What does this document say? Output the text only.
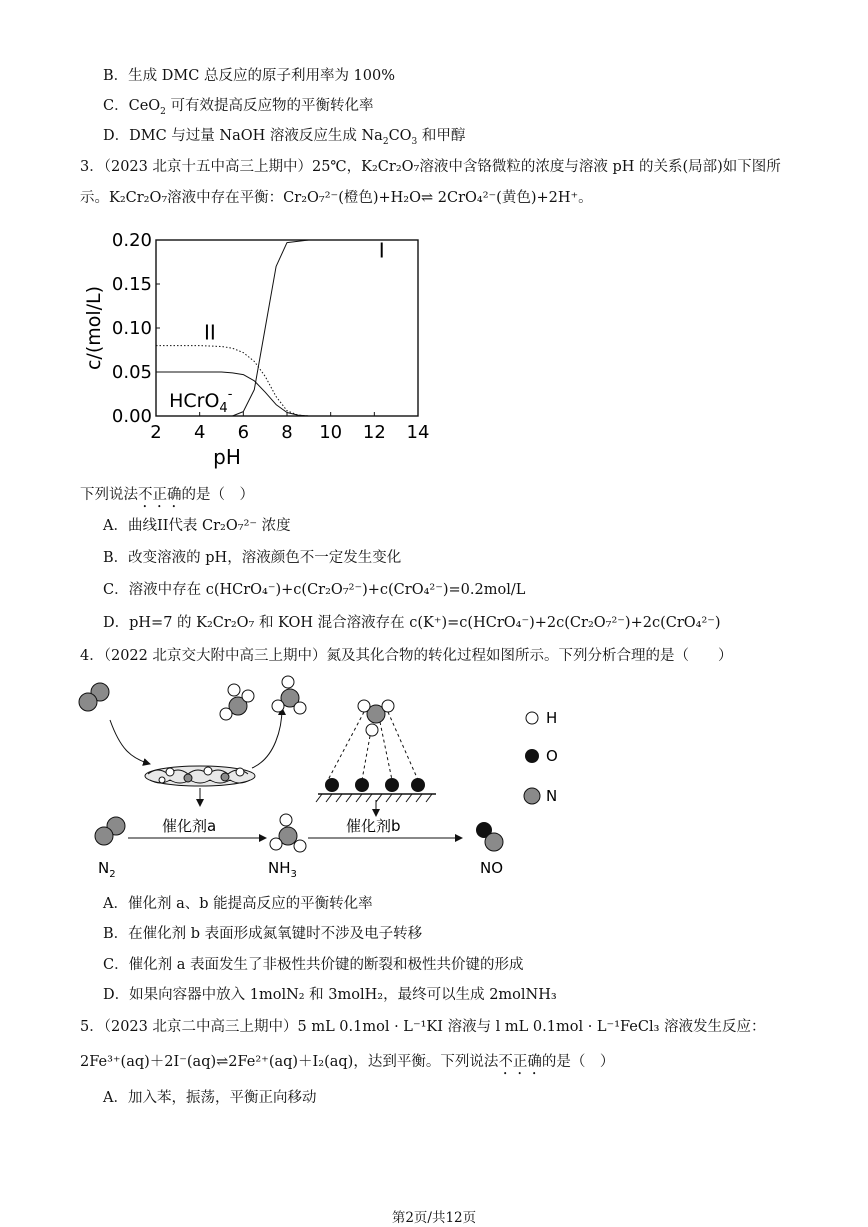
B．生成 DMC 总反应的原子利用率为 100%
C．CeO$_2$ 可有效提高反应物的平衡转化率
D．DMC 与过量 NaOH 溶液反应生成 $Na_2CO_3$ 和甲醇
3．（2023 北京十五中高三上期中）25℃，K₂Cr₂O₇溶液中含铬微粒的浓度与溶液 pH 的关系(局部)如下图所
示。K₂Cr₂O₇溶液中存在平衡：Cr₂O₇²⁻(橙色)+H₂O⇌ 2CrO₄²⁻(黄色)+2H⁺。
2 4 6 8 10 12 14
0.00
0.05
0.10
0.15
0.20
pH
c/(mol/L)
I
II
HCrO$_4$-
下列说法不正确的是（　）
A．曲线II代表 Cr₂O₇²⁻ 浓度
B．改变溶液的 pH，溶液颜色不一定发生变化
C．溶液中存在 c(HCrO₄⁻)+c(Cr₂O₇²⁻)+c(CrO₄²⁻)=0.2mol/L
D．pH=7 的 K₂Cr₂O₇ 和 KOH 混合溶液存在 c(K⁺)=c(HCrO₄⁻)+2c(Cr₂O₇²⁻)+2c(CrO₄²⁻)
4．（2022 北京交大附中高三上期中）氮及其化合物的转化过程如图所示。下列分析合理的是（　　）
催化剂a	催化剂b
$N_2$	$NH_3$	NO
H
O
N
A．催化剂 a、b 能提高反应的平衡转化率
B．在催化剂 b 表面形成氮氧键时不涉及电子转移
C．催化剂 a 表面发生了非极性共价键的断裂和极性共价键的形成
D．如果向容器中放入 1molN₂ 和 3molH₂，最终可以生成 2molNH₃
5．（2023 北京二中高三上期中）5 mL 0.1mol · L⁻¹KI 溶液与 l mL 0.1mol · L⁻¹FeCl₃ 溶液发生反应：
2Fe³⁺(aq)＋2I⁻(aq)⇌2Fe²⁺(aq)＋I₂(aq)，达到平衡。下列说法不正确的是（　）
A．加入苯，振荡，平衡正向移动
第2页/共12页
